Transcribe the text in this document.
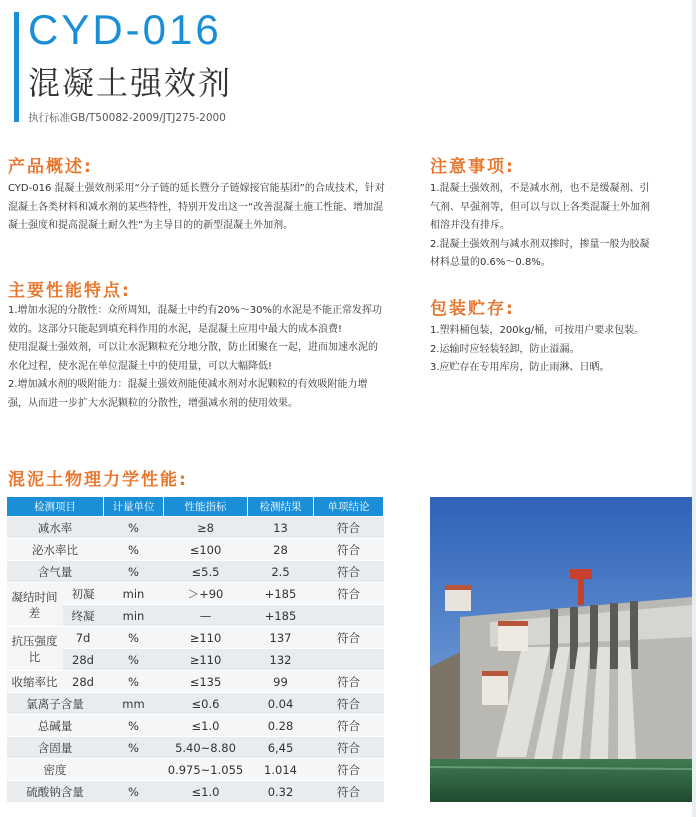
CYD-016
混凝土强效剂
执行标准GB/T50082-2009/JTJ275-2000
产品概述:

CYD-016 混凝土强效剂采用“分子链的延长暨分子链嫁接官能基团”的合成技术，针对混凝土各类材料和减水剂的某些特性，特别开发出这一“改善混凝土施工性能、增加混凝土强度和提高混凝土耐久性”为主导目的的新型混凝土外加剂。

主要性能特点:

1.增加水泥的分散性：众所周知，混凝土中约有20%～30%的水泥是不能正常发挥功效的。这部分只能起到填充料作用的水泥，是混凝土应用中最大的成本浪费!

使用混凝土强效剂，可以让水泥颗粒充分地分散，防止团聚在一起，进而加速水泥的水化过程，使水泥在单位混凝土中的使用量，可以大幅降低!

2.增加减水剂的吸附能力：混凝土强效剂能使减水剂对水泥颗粒的有效吸附能力增强，从而进一步扩大水泥颗粒的分散性，增强减水剂的使用效果。

注意事项:

1.混凝土强效剂，不是减水剂，也不是缓凝剂、引气剂、早强剂等，但可以与以上各类混凝土外加剂相溶并没有排斥。

2.混凝土强效剂与减水剂双掺时，掺量一般为胶凝材料总量的0.6%～0.8%。

包装贮存:

1.塑料桶包装，200kg/桶，可按用户要求包装。

2.运输时应轻装轻卸，防止溢漏。

3.应贮存在专用库房，防止雨淋、日晒。

混泥土物理力学性能:
检测项目		计量单位	性能指标	检测结果	单项结论
减水率		%	≥8	13	符合
泌水率比		%	≤100	28	符合
含气量		%	≤5.5	2.5	符合
凝结时间
差	初凝	min	＞+90	+185	符合
	终凝	min	—	+185	
抗压强度
比	7d	%	≥110	137	符合
	28d	%	≥110	132	
收缩率比	28d	%	≤135	99	符合
氯离子含量		mm	≤0.6	0.04	符合
总碱量		%	≤1.0	0.28	符合
含固量		%	5.40~8.80	6,45	符合
密度			0.975~1.055	1.014	符合
硫酸钠含量		%	≤1.0	0.32	符合
